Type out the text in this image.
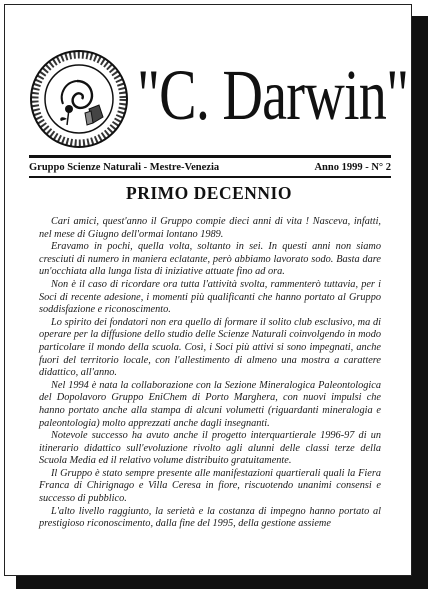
"C. Darwin"
Gruppo Scienze Naturali - Mestre-Venezia	Anno 1999 - N° 2
PRIMO DECENNIO

Cari amici, quest'anno il Gruppo compie dieci anni di vita ! Nasceva, infatti, nel mese di Giugno dell'ormai lontano 1989.

Eravamo in pochi, quella volta, soltanto in sei. In questi anni non siamo cresciuti di numero in maniera eclatante, però abbiamo lavorato sodo. Basta dare un'occhiata alla lunga lista di iniziative attuate fino ad ora.

Non è il caso di ricordare ora tutta l'attività svolta, rammenterò tuttavia, per i Soci di recente adesione, i momenti più qualificanti che hanno portato al Gruppo soddisfazione e riconoscimento.

Lo spirito dei fondatori non era quello di formare il solito club esclusivo, ma di operare per la diffusione dello studio delle Scienze Naturali coinvolgendo in modo particolare il mondo della scuola. Così, i Soci più attivi si sono impegnati, anche fuori del territorio locale, con l'allestimento di almeno una mostra a carattere didattico, all'anno.

Nel 1994 è nata la collaborazione con la Sezione Mineralogica Paleontologica del Dopolavoro Gruppo EniChem di Porto Marghera, con nuovi impulsi che hanno portato anche alla stampa di alcuni volumetti (riguardanti mineralogia e paleontologia) molto apprezzati anche dagli insegnanti.

Notevole successo ha avuto anche il progetto interquartierale 1996-97 di un itinerario didattico sull'evoluzione rivolto agli alunni delle classi terze della Scuola Media ed il relativo volume distribuito gratuitamente.

Il Gruppo è stato sempre presente alle manifestazioni quartierali quali la Fiera Franca di Chirignago e Villa Ceresa in fiore, riscuotendo unanimi consensi e successo di pubblico.

L'alto livello raggiunto, la serietà e la costanza di impegno hanno portato al prestigioso riconoscimento, dalla fine del 1995, della gestione assieme
